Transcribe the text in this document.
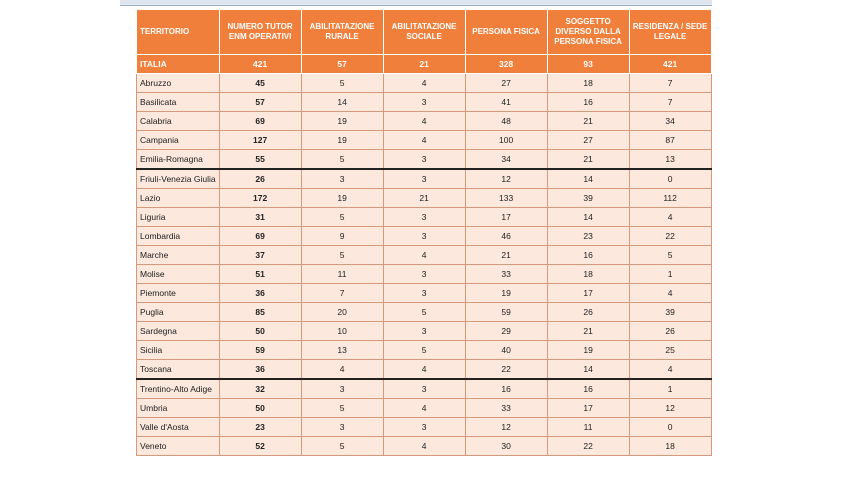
TERRITORIO	NUMERO TUTOR ENM OPERATIVI	ABILITATAZIONE RURALE	ABILITATAZIONE SOCIALE	PERSONA FISICA	SOGGETTO DIVERSO DALLA PERSONA FISICA	RESIDENZA / SEDE LEGALE
ITALIA	421	57	21	328	93	421
Abruzzo	45	5	4	27	18	7
Basilicata	57	14	3	41	16	7
Calabria	69	19	4	48	21	34
Campania	127	19	4	100	27	87
Emilia-Romagna	55	5	3	34	21	13
Friuli-Venezia Giulia	26	3	3	12	14	0
Lazio	172	19	21	133	39	112
Liguria	31	5	3	17	14	4
Lombardia	69	9	3	46	23	22
Marche	37	5	4	21	16	5
Molise	51	11	3	33	18	1
Piemonte	36	7	3	19	17	4
Puglia	85	20	5	59	26	39
Sardegna	50	10	3	29	21	26
Sicilia	59	13	5	40	19	25
Toscana	36	4	4	22	14	4
Trentino-Alto Adige	32	3	3	16	16	1
Umbria	50	5	4	33	17	12
Valle d'Aosta	23	3	3	12	11	0
Veneto	52	5	4	30	22	18
